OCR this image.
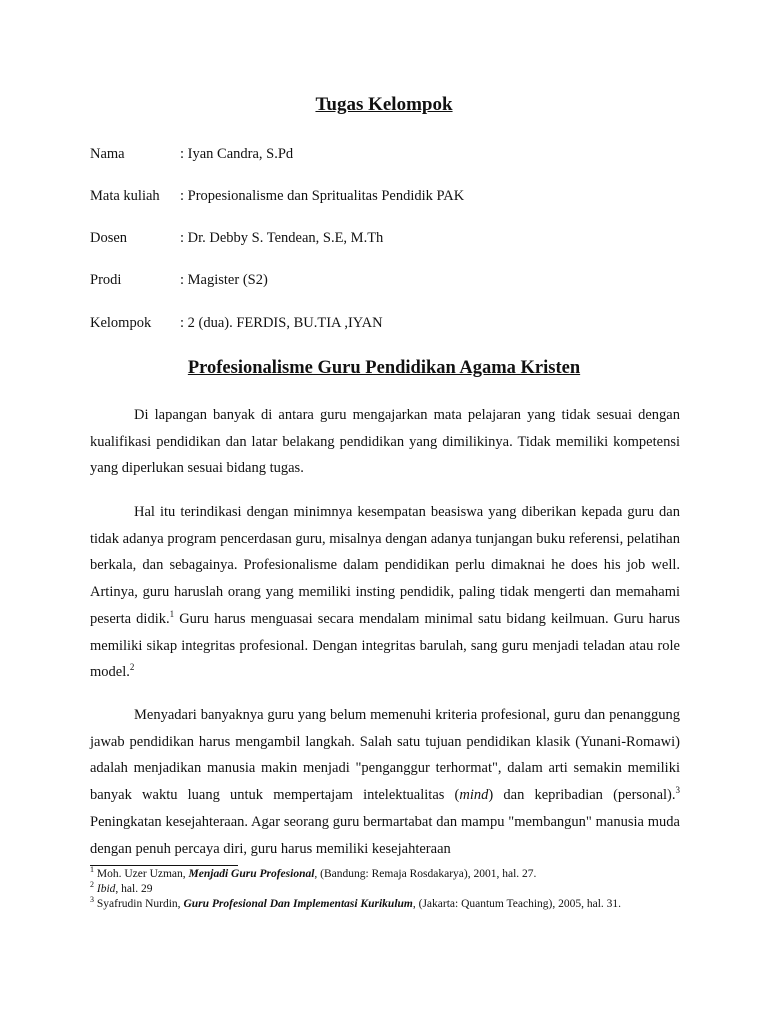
Tugas Kelompok
Nama	: Iyan Candra, S.Pd
Mata kuliah : Propesionalisme dan Spritualitas Pendidik PAK
Dosen	: Dr. Debby S. Tendean, S.E, M.Th
Prodi	: Magister (S2)
Kelompok : 2 (dua). FERDIS, BU.TIA ,IYAN
Profesionalisme Guru Pendidikan Agama Kristen

Di lapangan banyak di antara guru mengajarkan mata pelajaran yang tidak sesuai dengan kualifikasi pendidikan dan latar belakang pendidikan yang dimilikinya. Tidak memiliki kompetensi yang diperlukan sesuai bidang tugas.

Hal itu terindikasi dengan minimnya kesempatan beasiswa yang diberikan kepada guru dan tidak adanya program pencerdasan guru, misalnya dengan adanya tunjangan buku referensi, pelatihan berkala, dan sebagainya. Profesionalisme dalam pendidikan perlu dimaknai he does his job well. Artinya, guru haruslah orang yang memiliki insting pendidik, paling tidak mengerti dan memahami peserta didik.$^1$ Guru harus menguasai secara mendalam minimal satu bidang keilmuan. Guru harus memiliki sikap integritas profesional. Dengan integritas barulah, sang guru menjadi teladan atau role model.$^2$

Menyadari banyaknya guru yang belum memenuhi kriteria profesional, guru dan penanggung jawab pendidikan harus mengambil langkah. Salah satu tujuan pendidikan klasik (Yunani-Romawi) adalah menjadikan manusia makin menjadi "penganggur terhormat", dalam arti semakin memiliki banyak waktu luang untuk mempertajam intelektualitas (mind) dan kepribadian (personal).$^3$ Peningkatan kesejahteraan. Agar seorang guru bermartabat dan mampu "membangun" manusia muda dengan penuh percaya diri, guru harus memiliki kesejahteraan

$^1$ Moh. Uzer Uzman, Menjadi Guru Profesional, (Bandung: Remaja Rosdakarya), 2001, hal. 27.

$^2$ Ibid, hal. 29

$^3$ Syafrudin Nurdin, Guru Profesional Dan Implementasi Kurikulum, (Jakarta: Quantum Teaching), 2005, hal. 31.
